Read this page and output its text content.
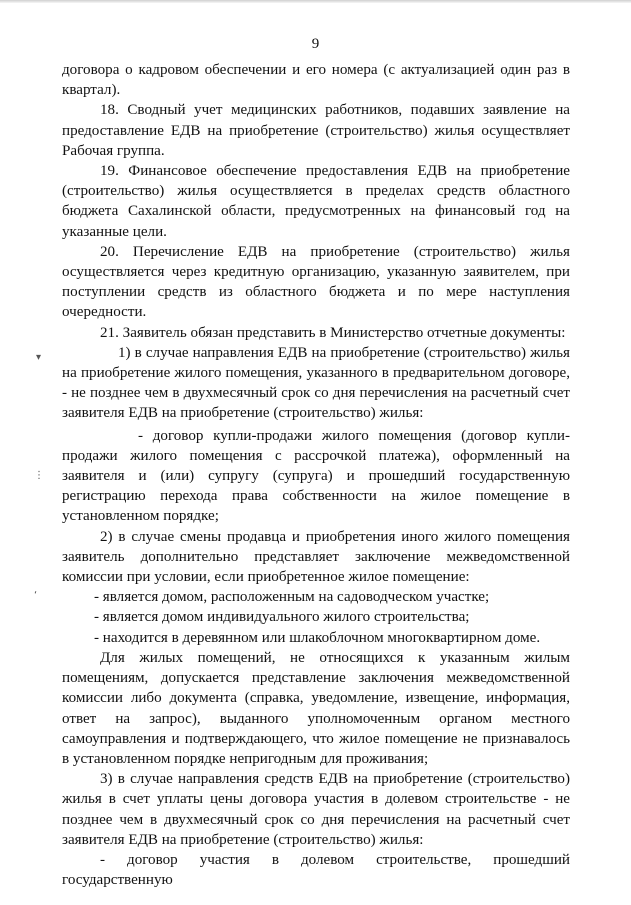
9
▾
⋮
‘

договора о кадровом обеспечении и его номера (с актуализацией один раз в квартал).

18. Сводный учет медицинских работников, подавших заявление на предоставление ЕДВ на приобретение (строительство) жилья осуществляет Рабочая группа.

19. Финансовое обеспечение предоставления ЕДВ на приобретение (строительство) жилья осуществляется в пределах средств областного бюджета Сахалинской области, предусмотренных на финансовый год на указанные цели.

20. Перечисление ЕДВ на приобретение (строительство) жилья осуществляется через кредитную организацию, указанную заявителем, при поступлении средств из областного бюджета и по мере наступления очередности.

21. Заявитель обязан представить в Министерство отчетные документы:

1) в случае направления ЕДВ на приобретение (строительство) жилья на приобретение жилого помещения, указанного в предварительном договоре, - не позднее чем в двухмесячный срок со дня перечисления на расчетный счет заявителя ЕДВ на приобретение (строительство) жилья:

- договор купли-продажи жилого помещения (договор купли-продажи жилого помещения с рассрочкой платежа), оформленный на заявителя и (или) супругу (супруга) и прошедший государственную регистрацию перехода права собственности на жилое помещение в установленном порядке;

2) в случае смены продавца и приобретения иного жилого помещения заявитель дополнительно представляет заключение межведомственной комиссии при условии, если приобретенное жилое помещение:

- является домом, расположенным на садоводческом участке;

- является домом индивидуального жилого строительства;

- находится в деревянном или шлакоблочном многоквартирном доме.

Для жилых помещений, не относящихся к указанным жилым помещениям, допускается представление заключения межведомственной комиссии либо документа (справка, уведомление, извещение, информация, ответ на запрос), выданного уполномоченным органом местного самоуправления и подтверждающего, что жилое помещение не признавалось в установленном порядке непригодным для проживания;

3) в случае направления средств ЕДВ на приобретение (строительство) жилья в счет уплаты цены договора участия в долевом строительстве - не позднее чем в двухмесячный срок со дня перечисления на расчетный счет заявителя ЕДВ на приобретение (строительство) жилья:

- договор участия в долевом строительстве, прошедший государственную
